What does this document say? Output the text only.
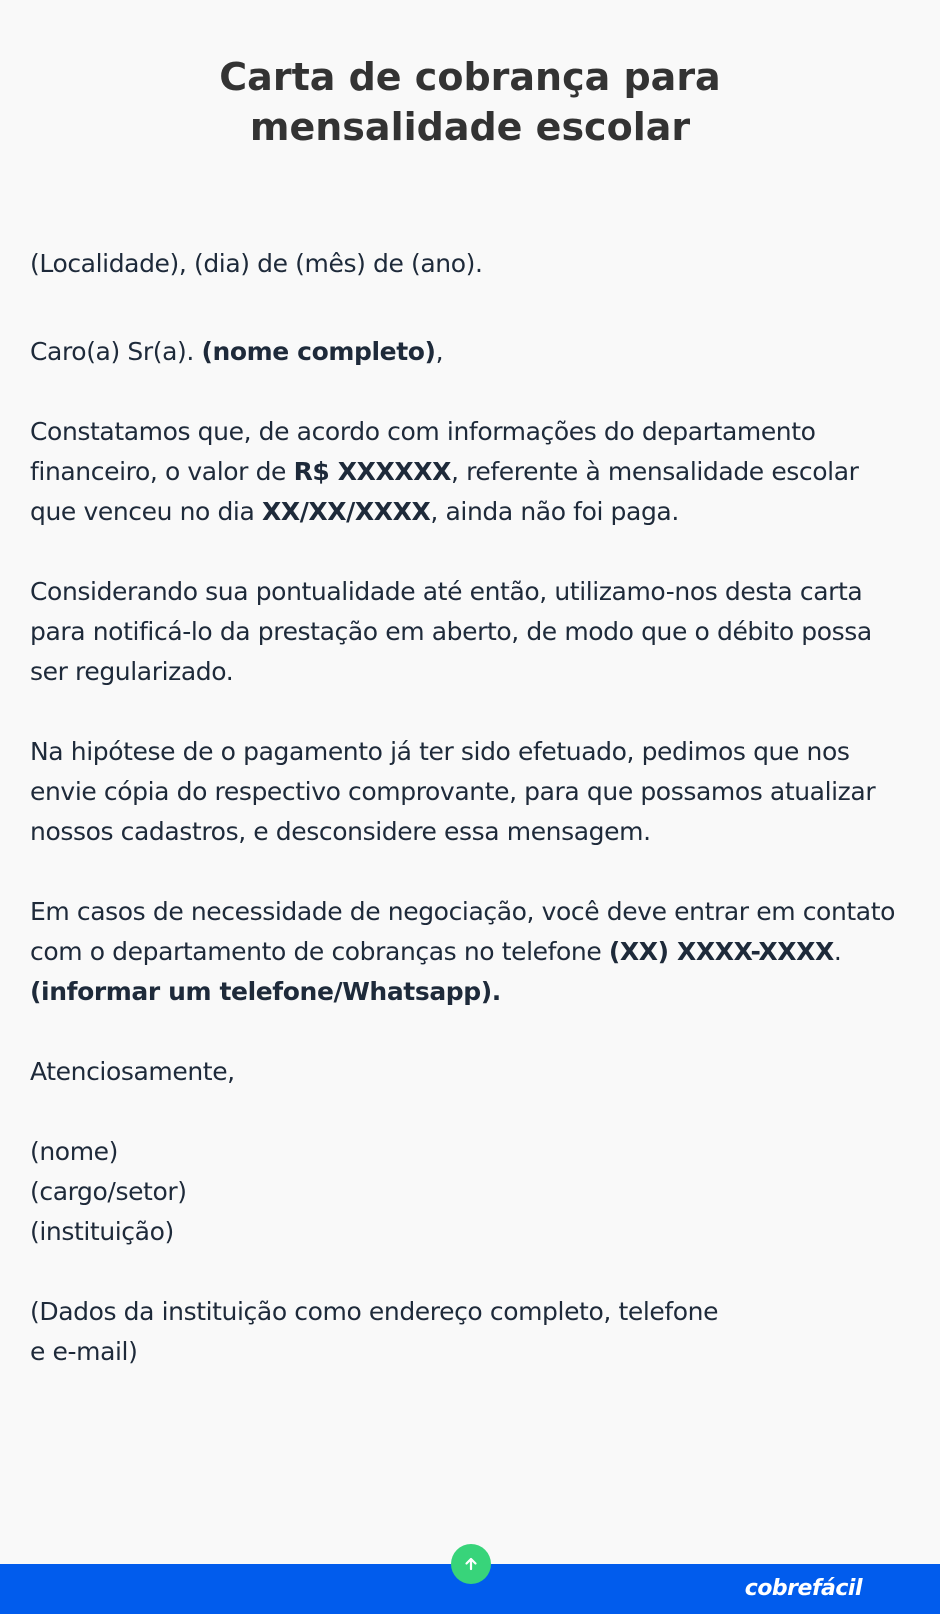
Carta de cobrança para
mensalidade escolar

(Localidade), (dia) de (mês) de (ano).

Caro(a) Sr(a). (nome completo),

Constatamos que, de acordo com informações do departamento financeiro, o valor de R$ XXXXXX, referente à mensalidade escolar que venceu no dia XX/XX/XXXX, ainda não foi paga.

Considerando sua pontualidade até então, utilizamo-nos desta carta para notificá-lo da prestação em aberto, de modo que o débito possa ser regularizado.

Na hipótese de o pagamento já ter sido efetuado, pedimos que nos envie cópia do respectivo comprovante, para que possamos atualizar nossos cadastros, e desconsidere essa mensagem.

Em casos de necessidade de negociação, você deve entrar em contato com o departamento de cobranças no telefone (XX) XXXX-XXXX. (informar um telefone/Whatsapp).

Atenciosamente,

(nome)

(cargo/setor)

(instituição)

(Dados da instituição como endereço completo, telefone e e-mail)

cobrefácil
